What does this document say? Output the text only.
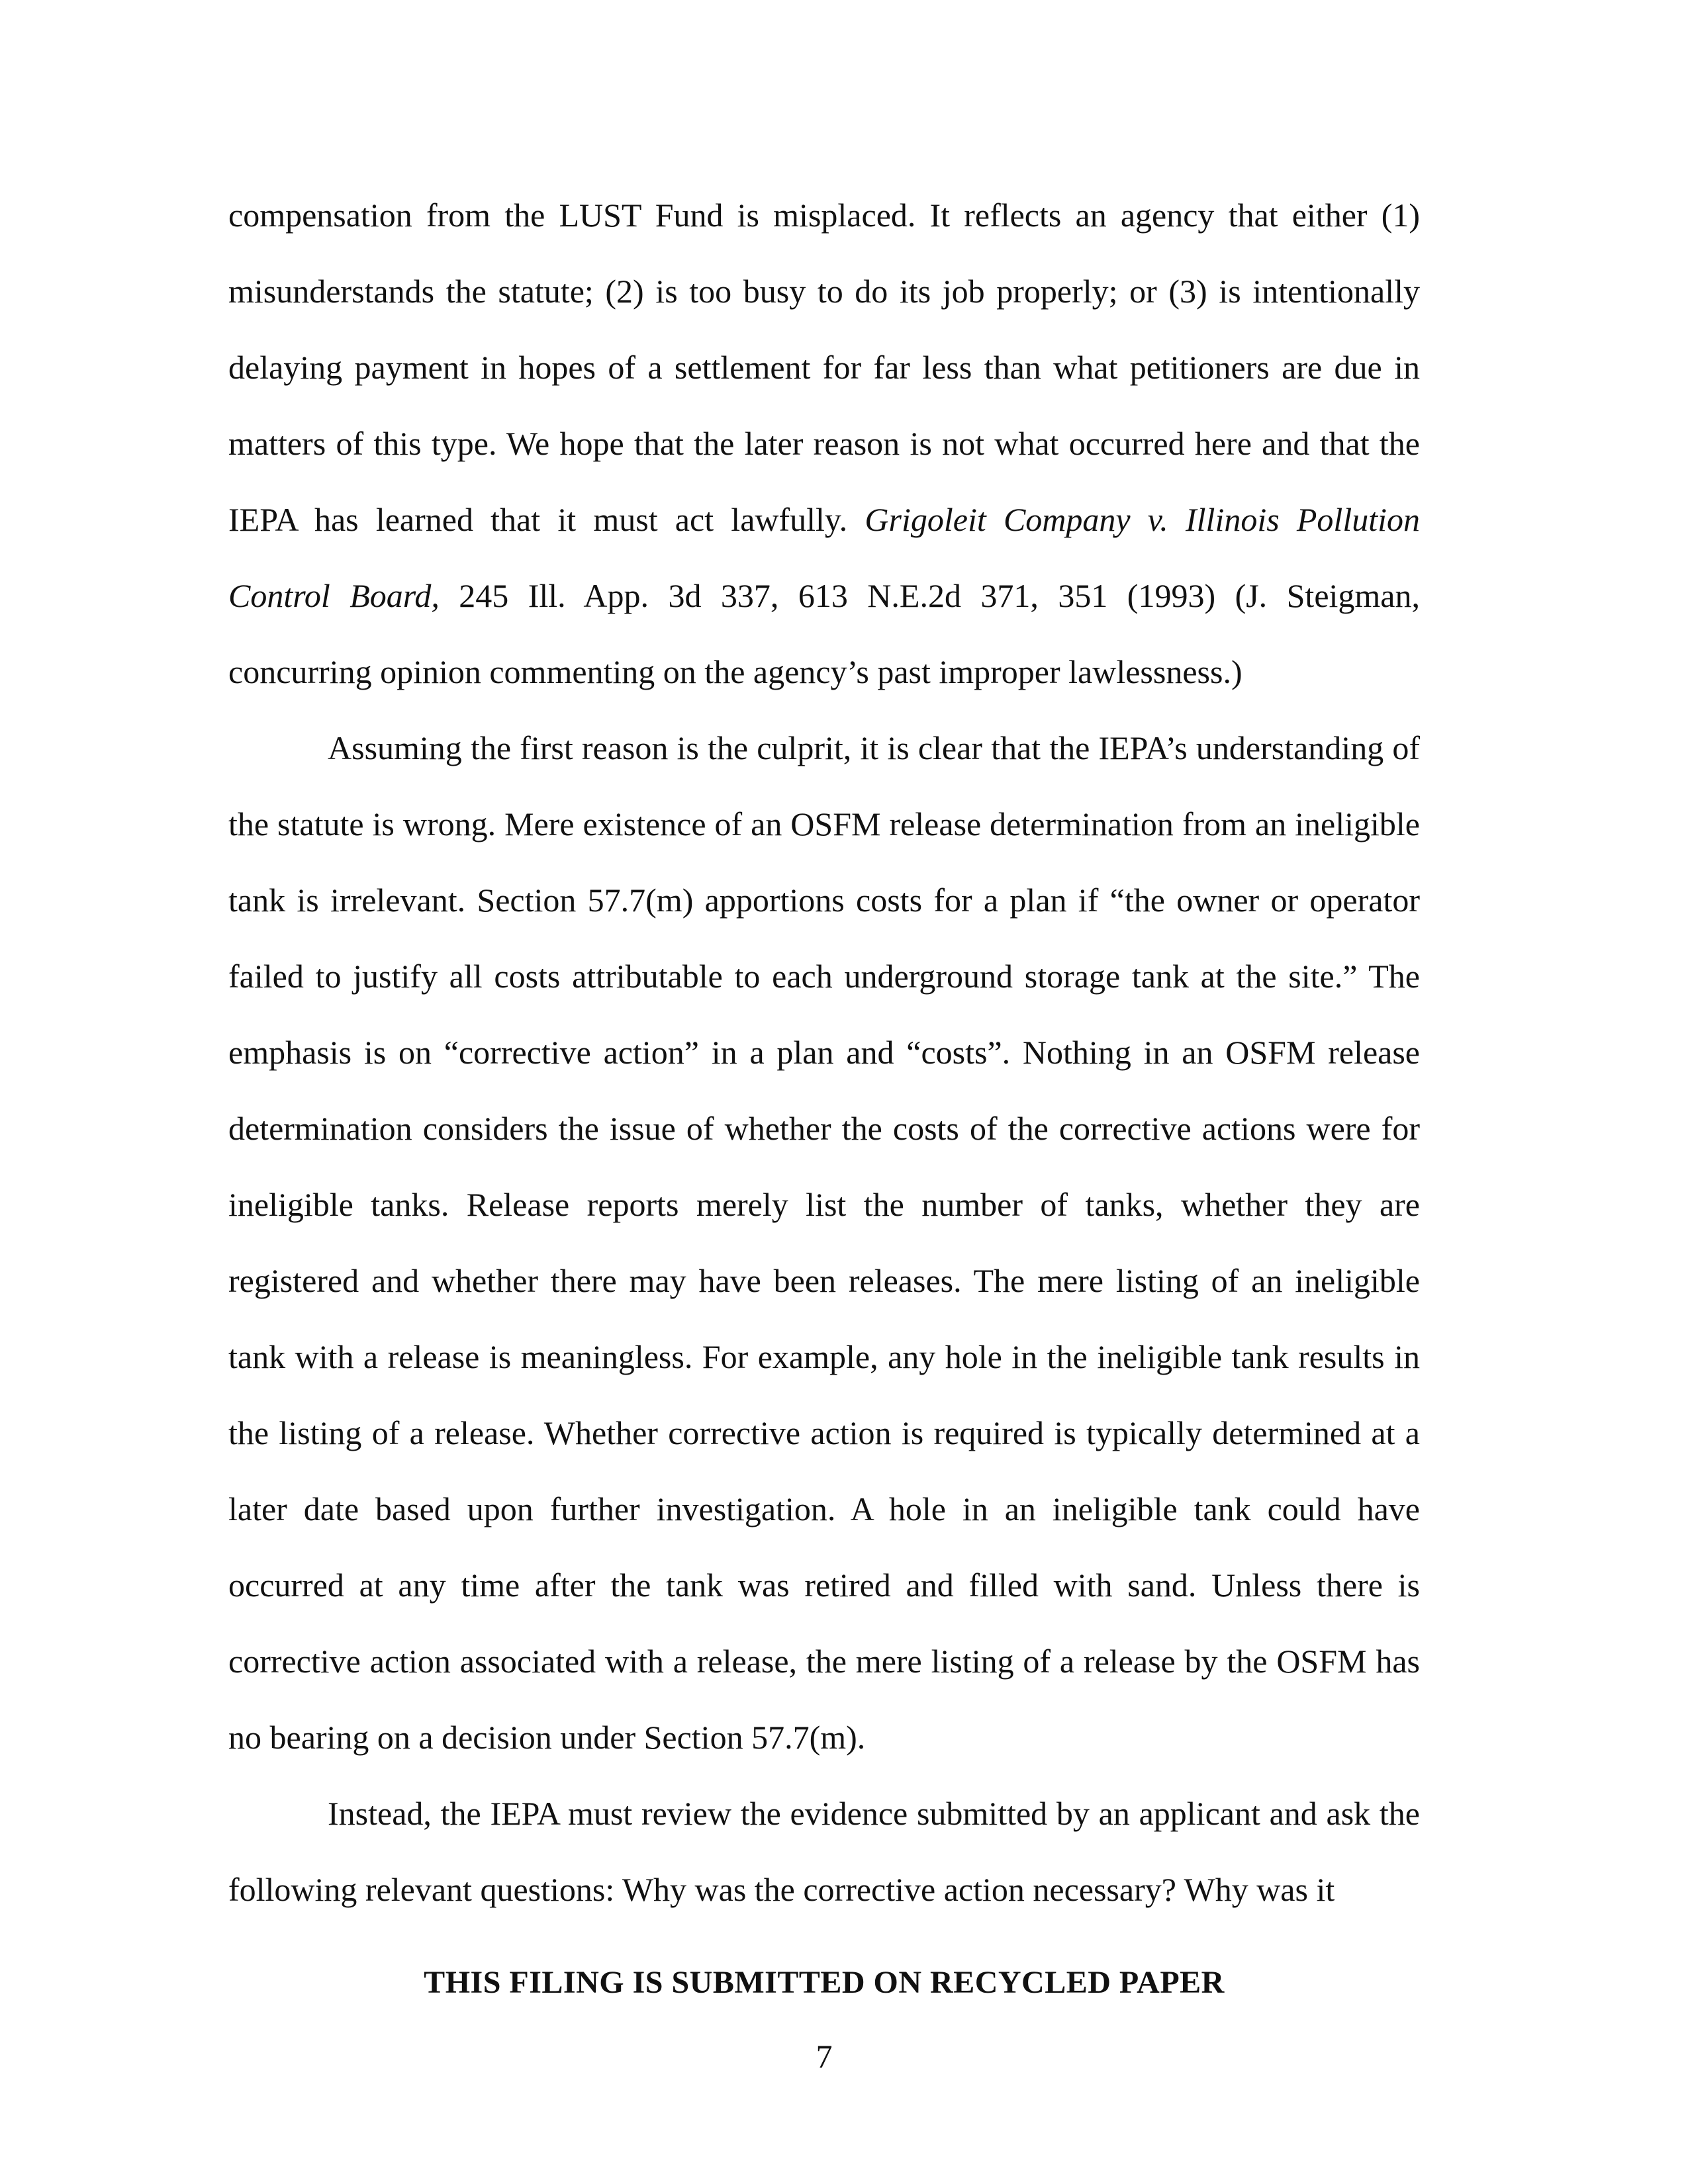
compensation from the LUST Fund is misplaced. It reflects an agency that either (1) misunderstands the statute; (2) is too busy to do its job properly; or (3) is intentionally delaying payment in hopes of a settlement for far less than what petitioners are due in matters of this type. We hope that the later reason is not what occurred here and that the IEPA has learned that it must act lawfully. Grigoleit Company v. Illinois Pollution Control Board, 245 Ill. App. 3d 337, 613 N.E.2d 371, 351 (1993) (J. Steigman, concurring opinion commenting on the agency’s past improper lawlessness.)

Assuming the first reason is the culprit, it is clear that the IEPA’s understanding of the statute is wrong. Mere existence of an OSFM release determination from an ineligible tank is irrelevant. Section 57.7(m) apportions costs for a plan if “the owner or operator failed to justify all costs attributable to each underground storage tank at the site.” The emphasis is on “corrective action” in a plan and “costs”. Nothing in an OSFM release determination considers the issue of whether the costs of the corrective actions were for ineligible tanks. Release reports merely list the number of tanks, whether they are registered and whether there may have been releases. The mere listing of an ineligible tank with a release is meaningless. For example, any hole in the ineligible tank results in the listing of a release. Whether corrective action is required is typically determined at a later date based upon further investigation. A hole in an ineligible tank could have occurred at any time after the tank was retired and filled with sand. Unless there is corrective action associated with a release, the mere listing of a release by the OSFM has no bearing on a decision under Section 57.7(m).

Instead, the IEPA must review the evidence submitted by an applicant and ask the following relevant questions: Why was the corrective action necessary? Why was it

THIS FILING IS SUBMITTED ON RECYCLED PAPER
7
